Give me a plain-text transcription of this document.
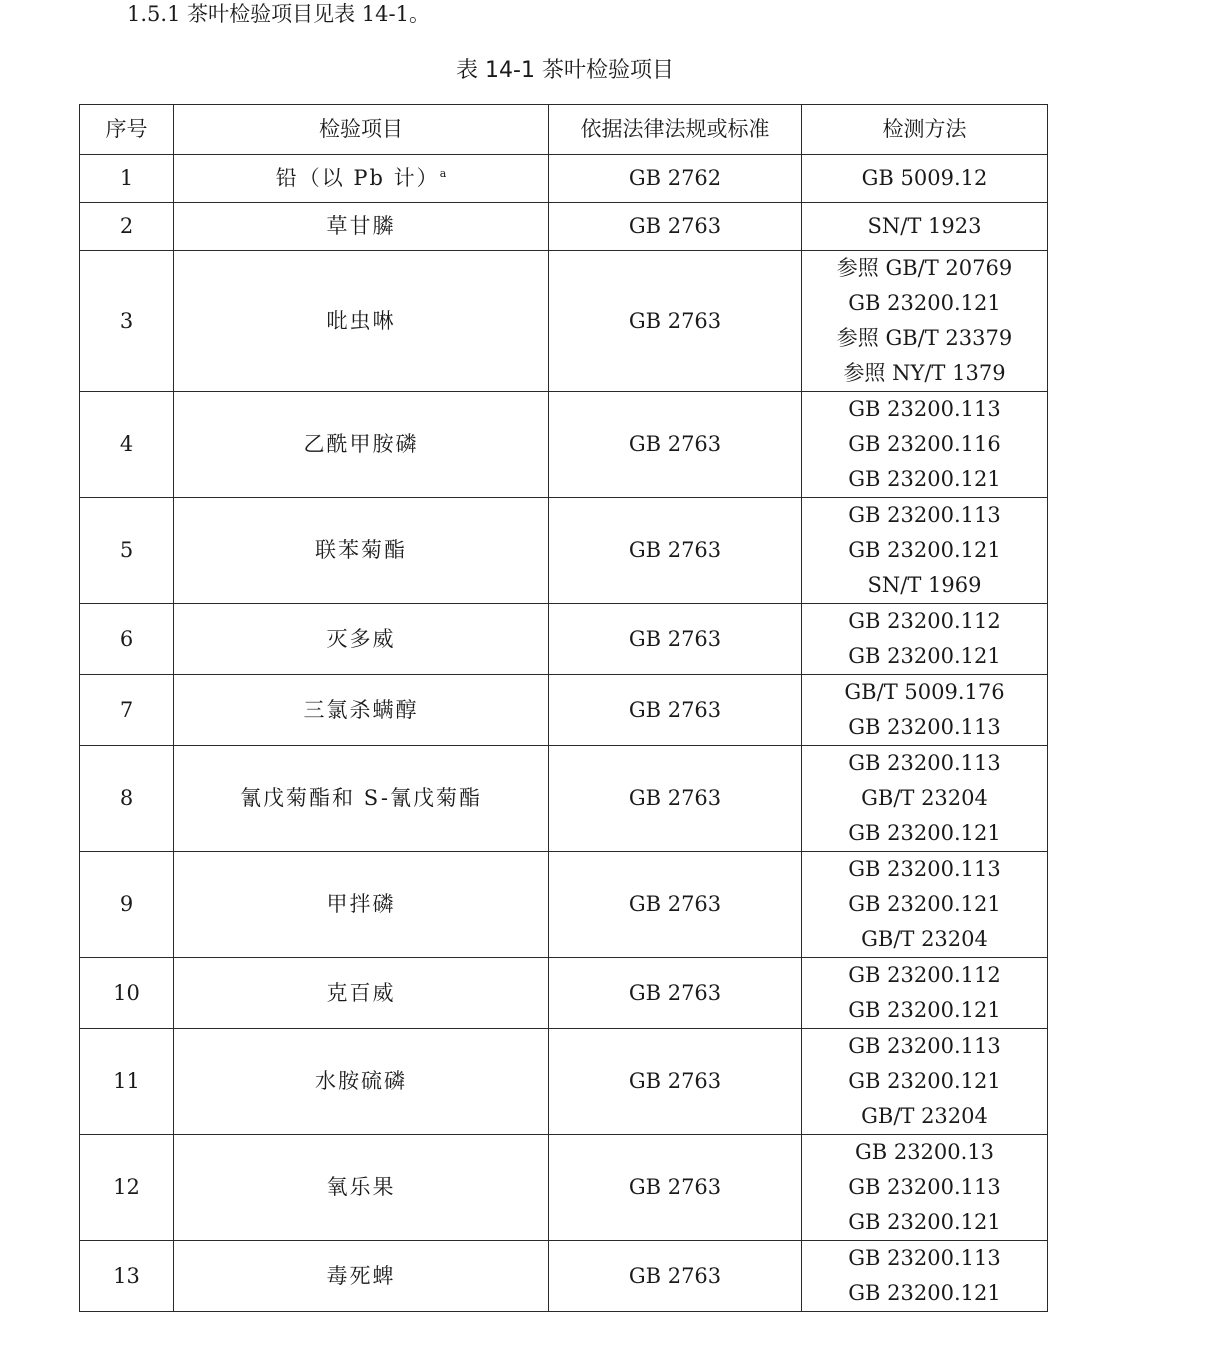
1.5.1 茶叶检验项目见表 14-1。
表 14-1 茶叶检验项目
序号	检验项目	依据法律法规或标准	检测方法
1	铅（以 Pb 计）$^a$	GB 2762	GB 5009.12

2	草甘膦	GB 2763	SN/T 1923

3	吡虫啉	GB 2763	参照 GB/T 20769
GB 23200.121
参照 GB/T 23379
参照 NY/T 1379

4	乙酰甲胺磷	GB 2763	GB 23200.113
GB 23200.116
GB 23200.121

5	联苯菊酯	GB 2763	GB 23200.113
GB 23200.121
SN/T 1969

6	灭多威	GB 2763	GB 23200.112
GB 23200.121

7	三氯杀螨醇	GB 2763	GB/T 5009.176
GB 23200.113

8	氰戊菊酯和 S-氰戊菊酯	GB 2763	GB 23200.113
GB/T 23204
GB 23200.121

9	甲拌磷	GB 2763	GB 23200.113
GB 23200.121
GB/T 23204

10	克百威	GB 2763	GB 23200.112
GB 23200.121

11	水胺硫磷	GB 2763	GB 23200.113
GB 23200.121
GB/T 23204

12	氧乐果	GB 2763	GB 23200.13
GB 23200.113
GB 23200.121

13	毒死蜱	GB 2763	GB 23200.113
GB 23200.121
